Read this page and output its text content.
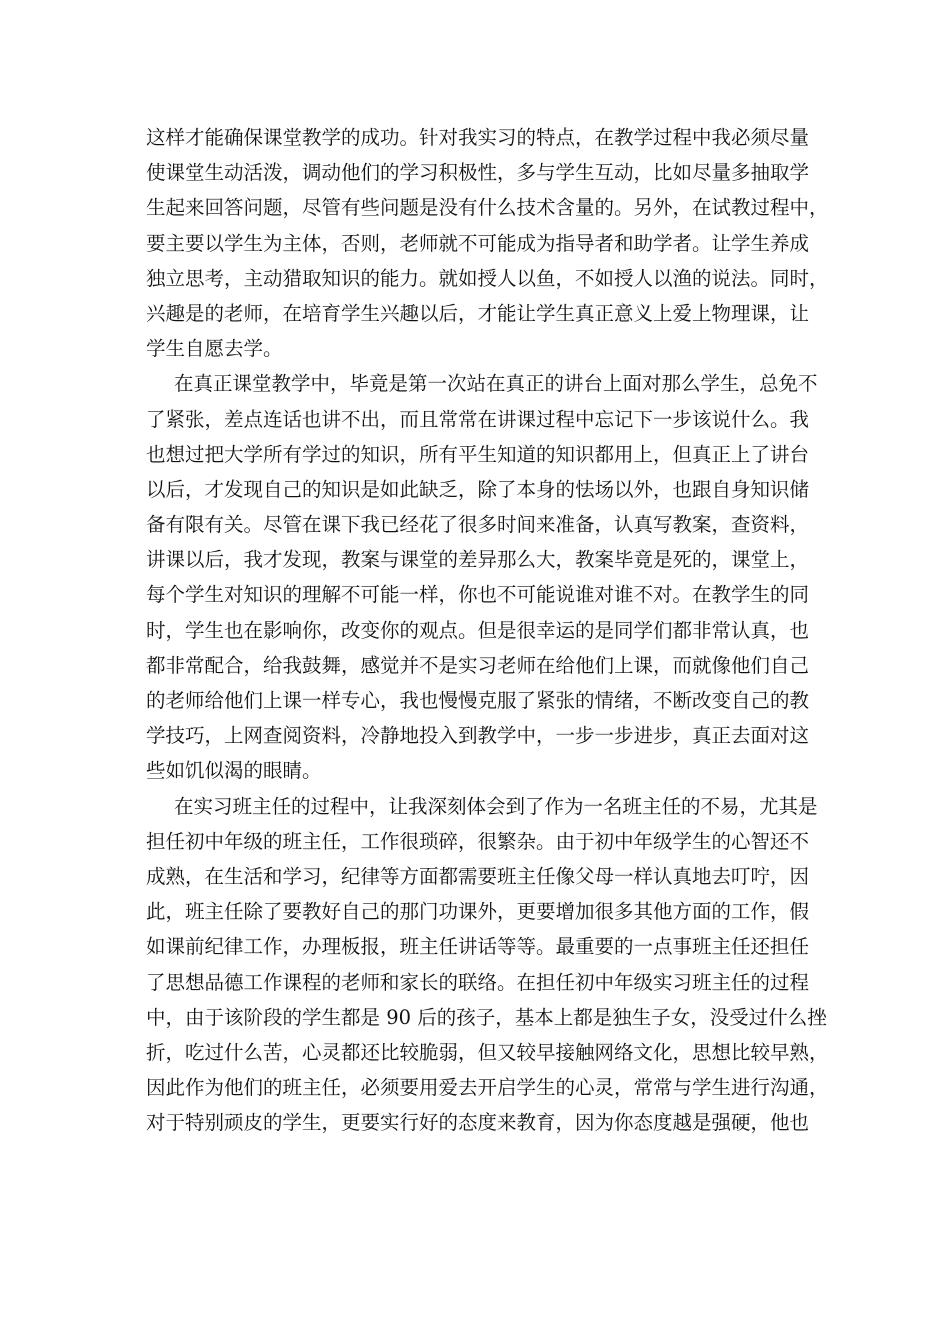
这样才能确保课堂教学的成功。针对我实习的特点，在教学过程中我必须尽量
使课堂生动活泼，调动他们的学习积极性，多与学生互动，比如尽量多抽取学
生起来回答问题，尽管有些问题是没有什么技术含量的。另外，在试教过程中，
要主要以学生为主体，否则，老师就不可能成为指导者和助学者。让学生养成
独立思考，主动猎取知识的能力。就如授人以鱼，不如授人以渔的说法。同时，
兴趣是的老师，在培育学生兴趣以后，才能让学生真正意义上爱上物理课，让
学生自愿去学。
在真正课堂教学中，毕竟是第一次站在真正的讲台上面对那么学生，总免不
了紧张，差点连话也讲不出，而且常常在讲课过程中忘记下一步该说什么。我
也想过把大学所有学过的知识，所有平生知道的知识都用上，但真正上了讲台
以后，才发现自己的知识是如此缺乏，除了本身的怯场以外，也跟自身知识储
备有限有关。尽管在课下我已经花了很多时间来准备，认真写教案，查资料，
讲课以后，我才发现，教案与课堂的差异那么大，教案毕竟是死的，课堂上，
每个学生对知识的理解不可能一样，你也不可能说谁对谁不对。在教学生的同
时，学生也在影响你，改变你的观点。但是很幸运的是同学们都非常认真，也
都非常配合，给我鼓舞，感觉并不是实习老师在给他们上课，而就像他们自己
的老师给他们上课一样专心，我也慢慢克服了紧张的情绪，不断改变自己的教
学技巧，上网查阅资料，冷静地投入到教学中，一步一步进步，真正去面对这
些如饥似渴的眼睛。
在实习班主任的过程中，让我深刻体会到了作为一名班主任的不易，尤其是
担任初中年级的班主任，工作很琐碎，很繁杂。由于初中年级学生的心智还不
成熟，在生活和学习，纪律等方面都需要班主任像父母一样认真地去叮咛，因
此，班主任除了要教好自己的那门功课外，更要增加很多其他方面的工作，假
如课前纪律工作，办理板报，班主任讲话等等。最重要的一点事班主任还担任
了思想品德工作课程的老师和家长的联络。在担任初中年级实习班主任的过程
中，由于该阶段的学生都是 90 后的孩子，基本上都是独生子女，没受过什么挫
折，吃过什么苦，心灵都还比较脆弱，但又较早接触网络文化，思想比较早熟，
因此作为他们的班主任，必须要用爱去开启学生的心灵，常常与学生进行沟通，
对于特别顽皮的学生，更要实行好的态度来教育，因为你态度越是强硬，他也
